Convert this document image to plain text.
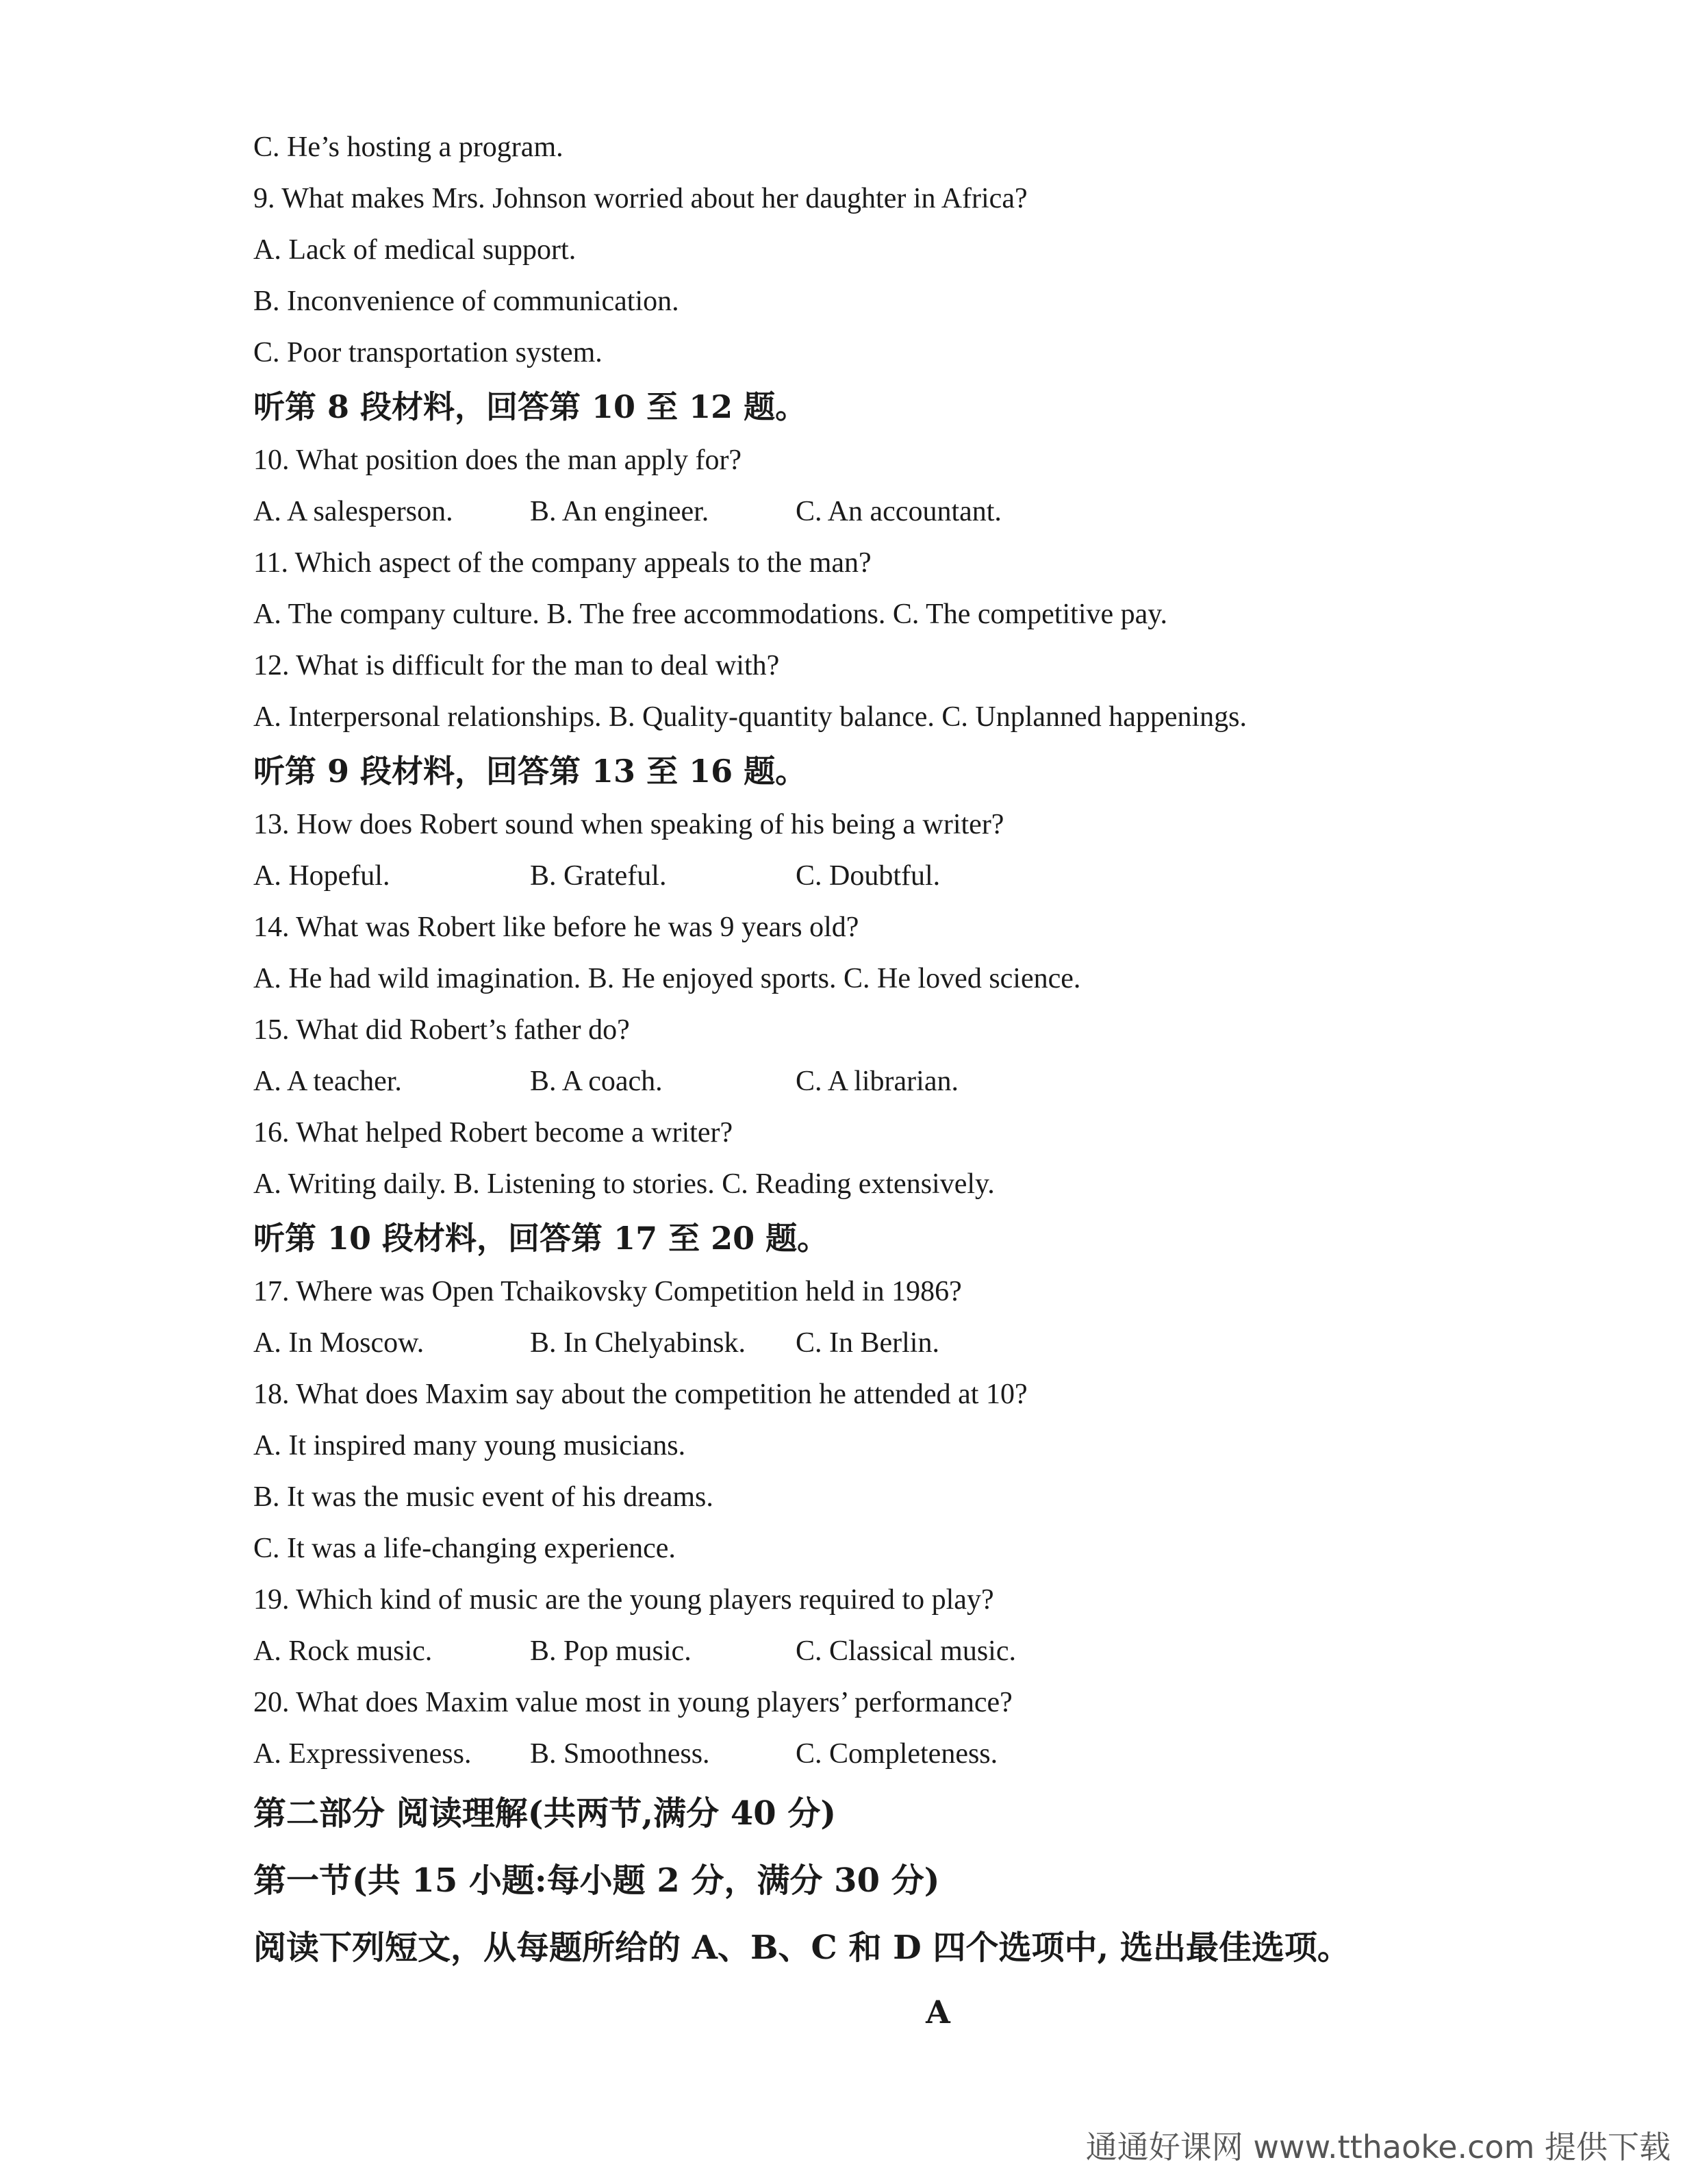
C. He’s hosting a program.
9. What makes Mrs. Johnson worried about her daughter in Africa?
A. Lack of medical support.
B. Inconvenience of communication.
C. Poor transportation system.
听第 8 段材料，回答第 10 至 12 题。
10. What position does the man apply for?
A. A salesperson.	B. An engineer.	C. An accountant.
11. Which aspect of the company appeals to the man?
A. The company culture. B. The free accommodations. C. The competitive pay.
12. What is difficult for the man to deal with?
A. Interpersonal relationships. B. Quality-quantity balance. C. Unplanned happenings.
听第 9 段材料，回答第 13 至 16 题。
13. How does Robert sound when speaking of his being a writer?
A. Hopeful.	B. Grateful.	C. Doubtful.
14. What was Robert like before he was 9 years old?
A. He had wild imagination. B. He enjoyed sports. C. He loved science.
15. What did Robert’s father do?
A. A teacher.	B. A coach.	C. A librarian.
16. What helped Robert become a writer?
A. Writing daily. B. Listening to stories. C. Reading extensively.
听第 10 段材料，回答第 17 至 20 题。
17. Where was Open Tchaikovsky Competition held in 1986?
A. In Moscow.	B. In Chelyabinsk.	C. In Berlin.
18. What does Maxim say about the competition he attended at 10?
A. It inspired many young musicians.
B. It was the music event of his dreams.
C. It was a life-changing experience.
19. Which kind of music are the young players required to play?
A. Rock music.	B. Pop music.	C. Classical music.
20. What does Maxim value most in young players’ performance?
A. Expressiveness.	B. Smoothness.	C. Completeness.
第二部分 阅读理解(共两节,满分 40 分)
第一节(共 15 小题:每小题 2 分，满分 30 分)
阅读下列短文，从每题所给的 A、B、C 和 D 四个选项中, 选出最佳选项。
A
通通好课网 www.tthaoke.com 提供下载
